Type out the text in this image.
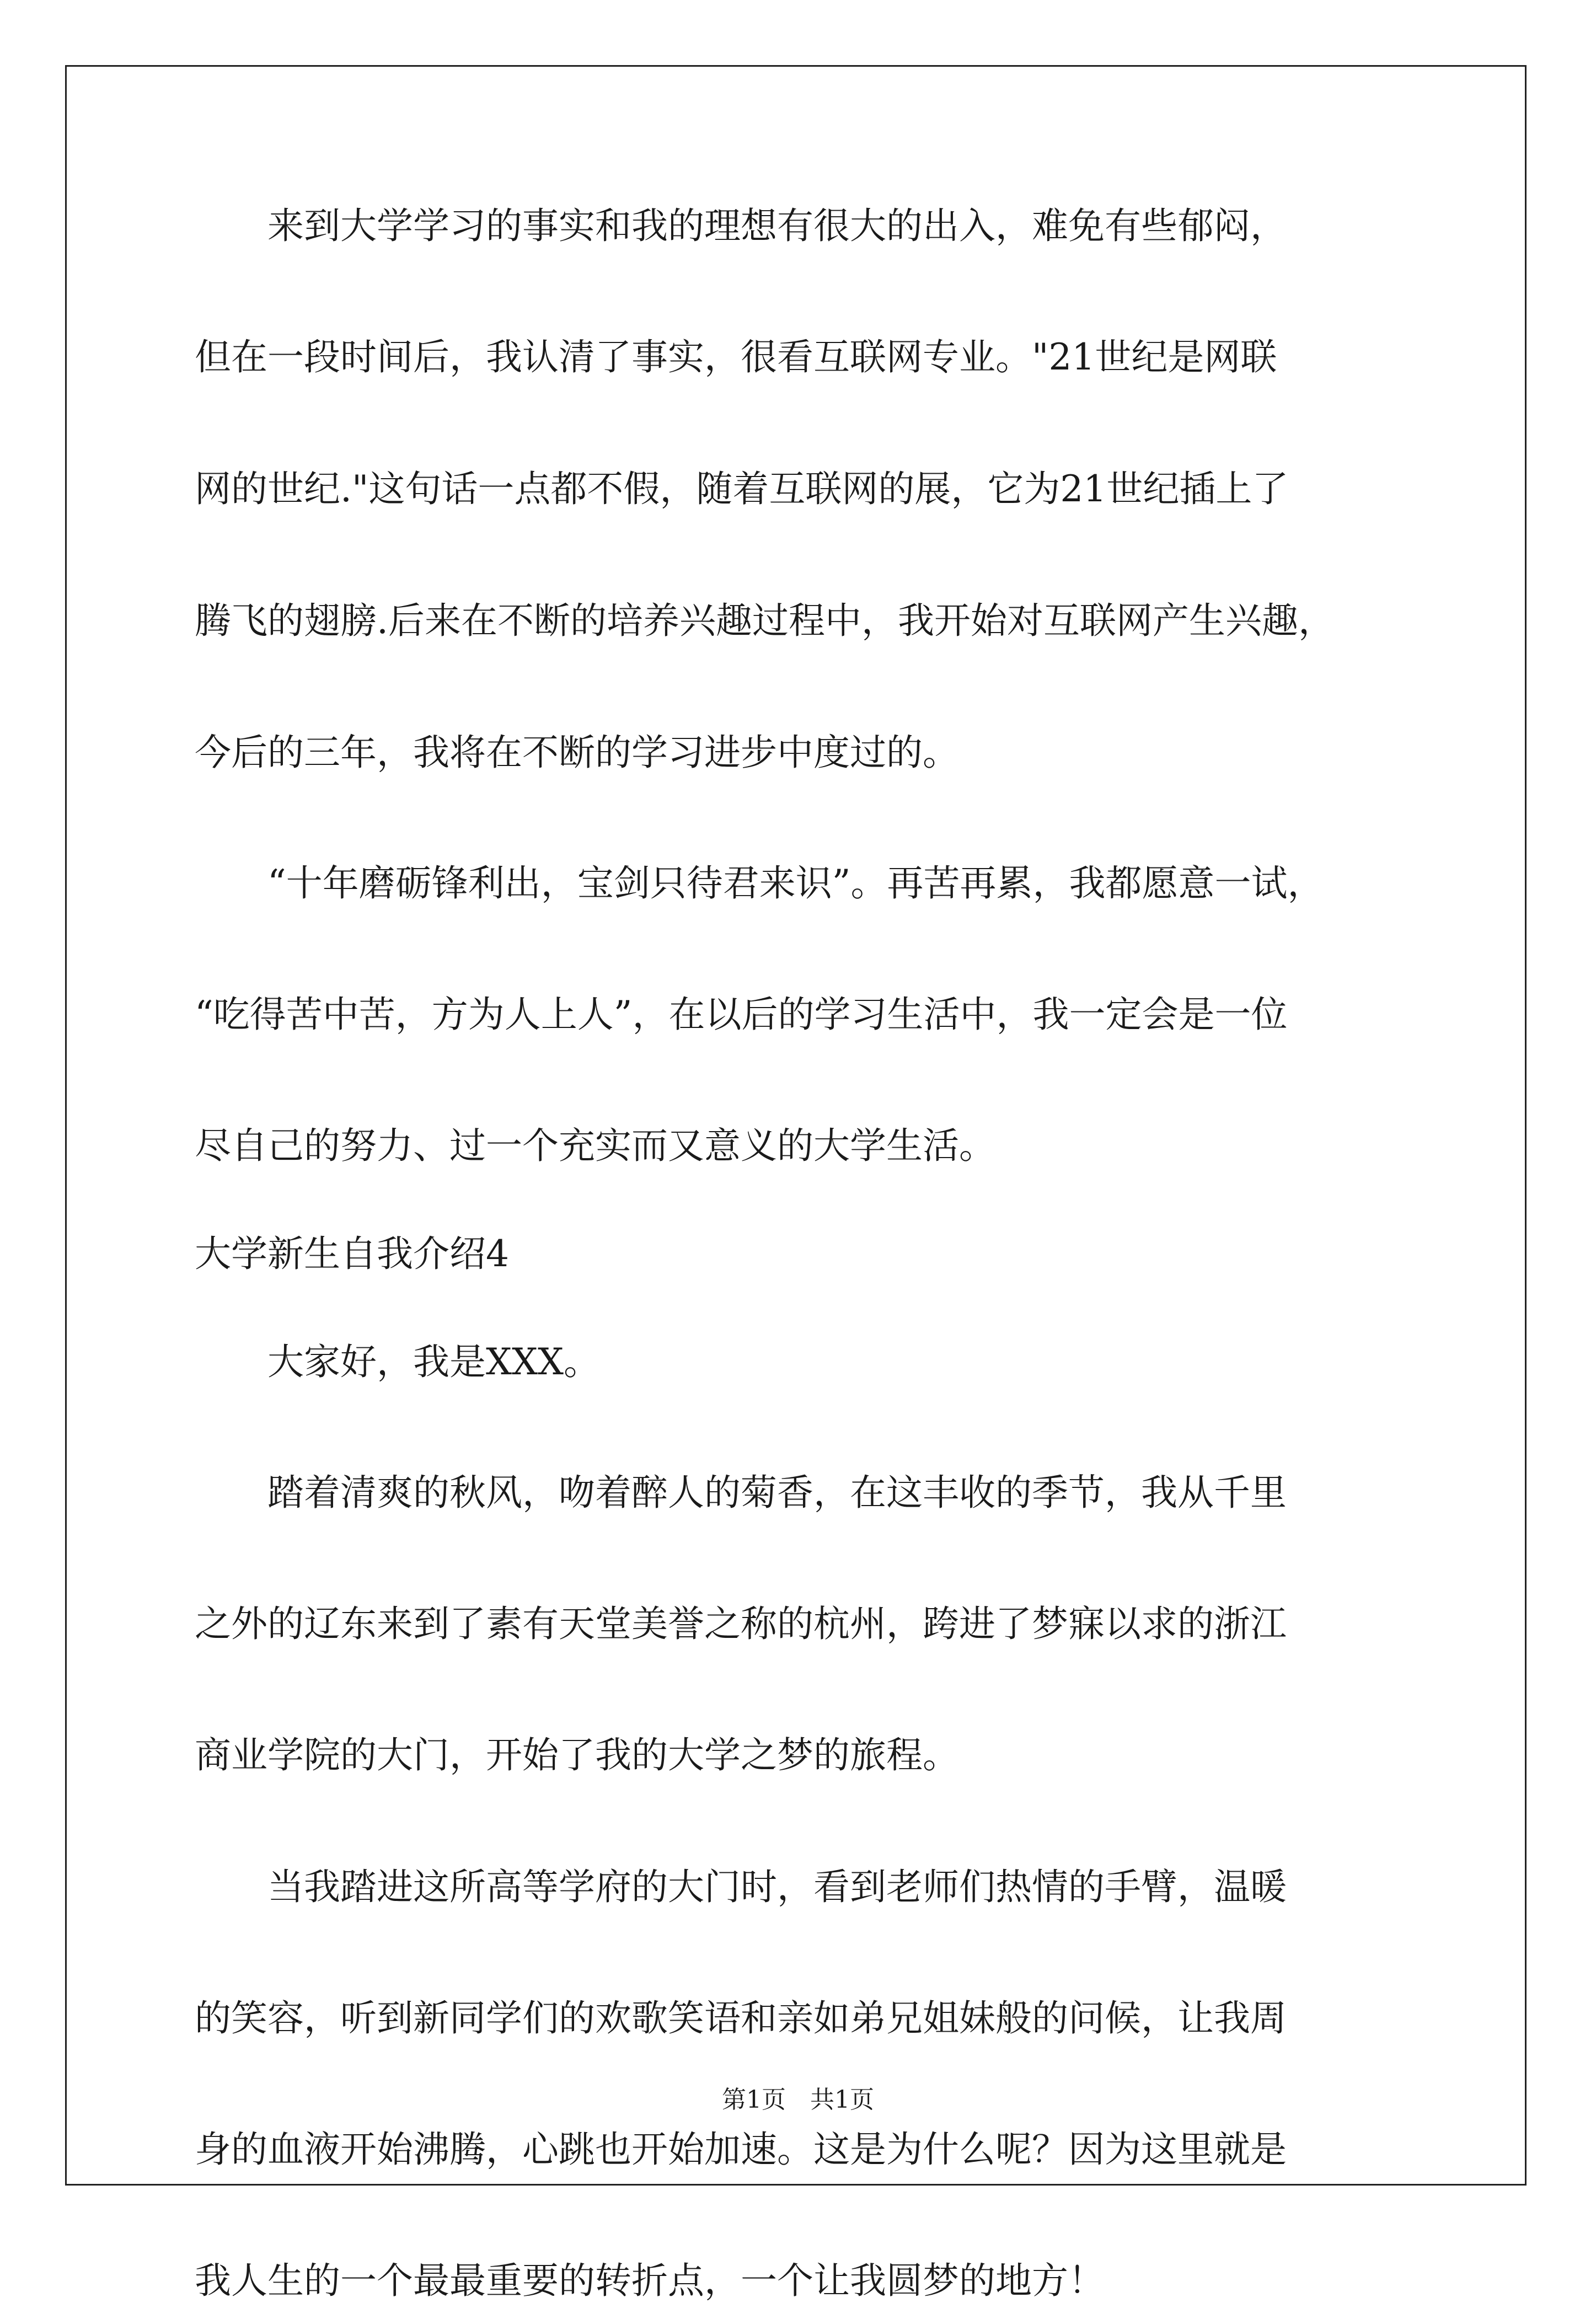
　　来到大学学习的事实和我的理想有很大的出入，难免有些郁闷，
但在一段时间后，我认清了事实，很看互联网专业。"21世纪是网联
网的世纪."这句话一点都不假，随着互联网的展，它为21世纪插上了
腾飞的翅膀.后来在不断的培养兴趣过程中，我开始对互联网产生兴趣，
今后的三年，我将在不断的学习进步中度过的。
　　“十年磨砺锋利出，宝剑只待君来识”。再苦再累，我都愿意一试，
“吃得苦中苦，方为人上人”，在以后的学习生活中，我一定会是一位
尽自己的努力、过一个充实而又意义的大学生活。
大学新生自我介绍4
　　大家好，我是XXX。
　　踏着清爽的秋风，吻着醉人的菊香，在这丰收的季节，我从千里
之外的辽东来到了素有天堂美誉之称的杭州，跨进了梦寐以求的浙江
商业学院的大门，开始了我的大学之梦的旅程。
　　当我踏进这所高等学府的大门时，看到老师们热情的手臂，温暖
的笑容，听到新同学们的欢歌笑语和亲如弟兄姐妹般的问候，让我周
身的血液开始沸腾，心跳也开始加速。这是为什么呢？因为这里就是
我人生的一个最最重要的转折点，一个让我圆梦的地方！
第1页　共1页
